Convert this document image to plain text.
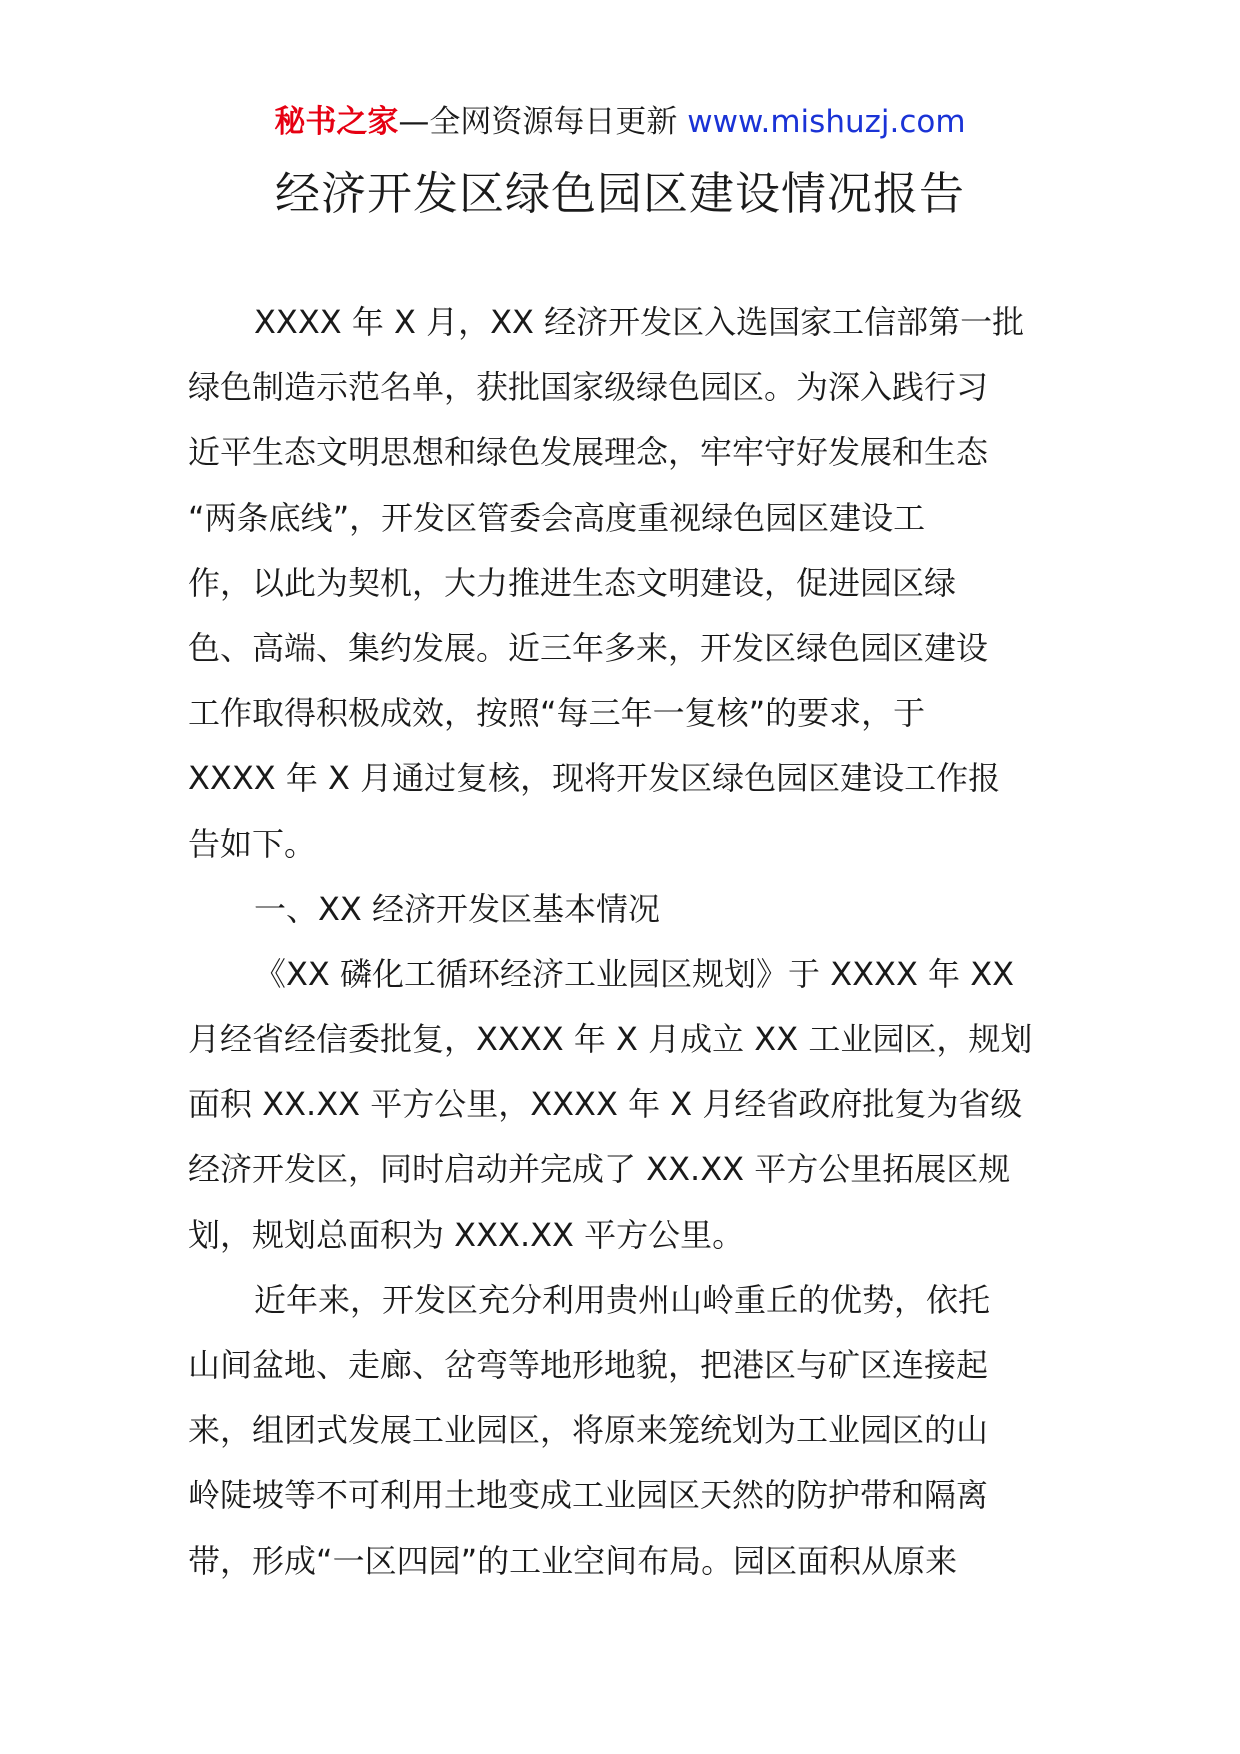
秘书之家—全网资源每日更新 www.mishuzj.com
经济开发区绿色园区建设情况报告
XXXX 年 X 月，XX 经济开发区入选国家工信部第一批
绿色制造示范名单，获批国家级绿色园区。为深入践行习
近平生态文明思想和绿色发展理念，牢牢守好发展和生态
“两条底线”，开发区管委会高度重视绿色园区建设工
作，以此为契机，大力推进生态文明建设，促进园区绿
色、高端、集约发展。近三年多来，开发区绿色园区建设
工作取得积极成效，按照“每三年一复核”的要求，于
XXXX 年 X 月通过复核，现将开发区绿色园区建设工作报
告如下。
一、XX 经济开发区基本情况
《XX 磷化工循环经济工业园区规划》于 XXXX 年 XX
月经省经信委批复，XXXX 年 X 月成立 XX 工业园区，规划
面积 XX.XX 平方公里，XXXX 年 X 月经省政府批复为省级
经济开发区，同时启动并完成了 XX.XX 平方公里拓展区规
划，规划总面积为 XXX.XX 平方公里。
近年来，开发区充分利用贵州山岭重丘的优势，依托
山间盆地、走廊、岔弯等地形地貌，把港区与矿区连接起
来，组团式发展工业园区，将原来笼统划为工业园区的山
岭陡坡等不可利用土地变成工业园区天然的防护带和隔离
带，形成“一区四园”的工业空间布局。园区面积从原来
